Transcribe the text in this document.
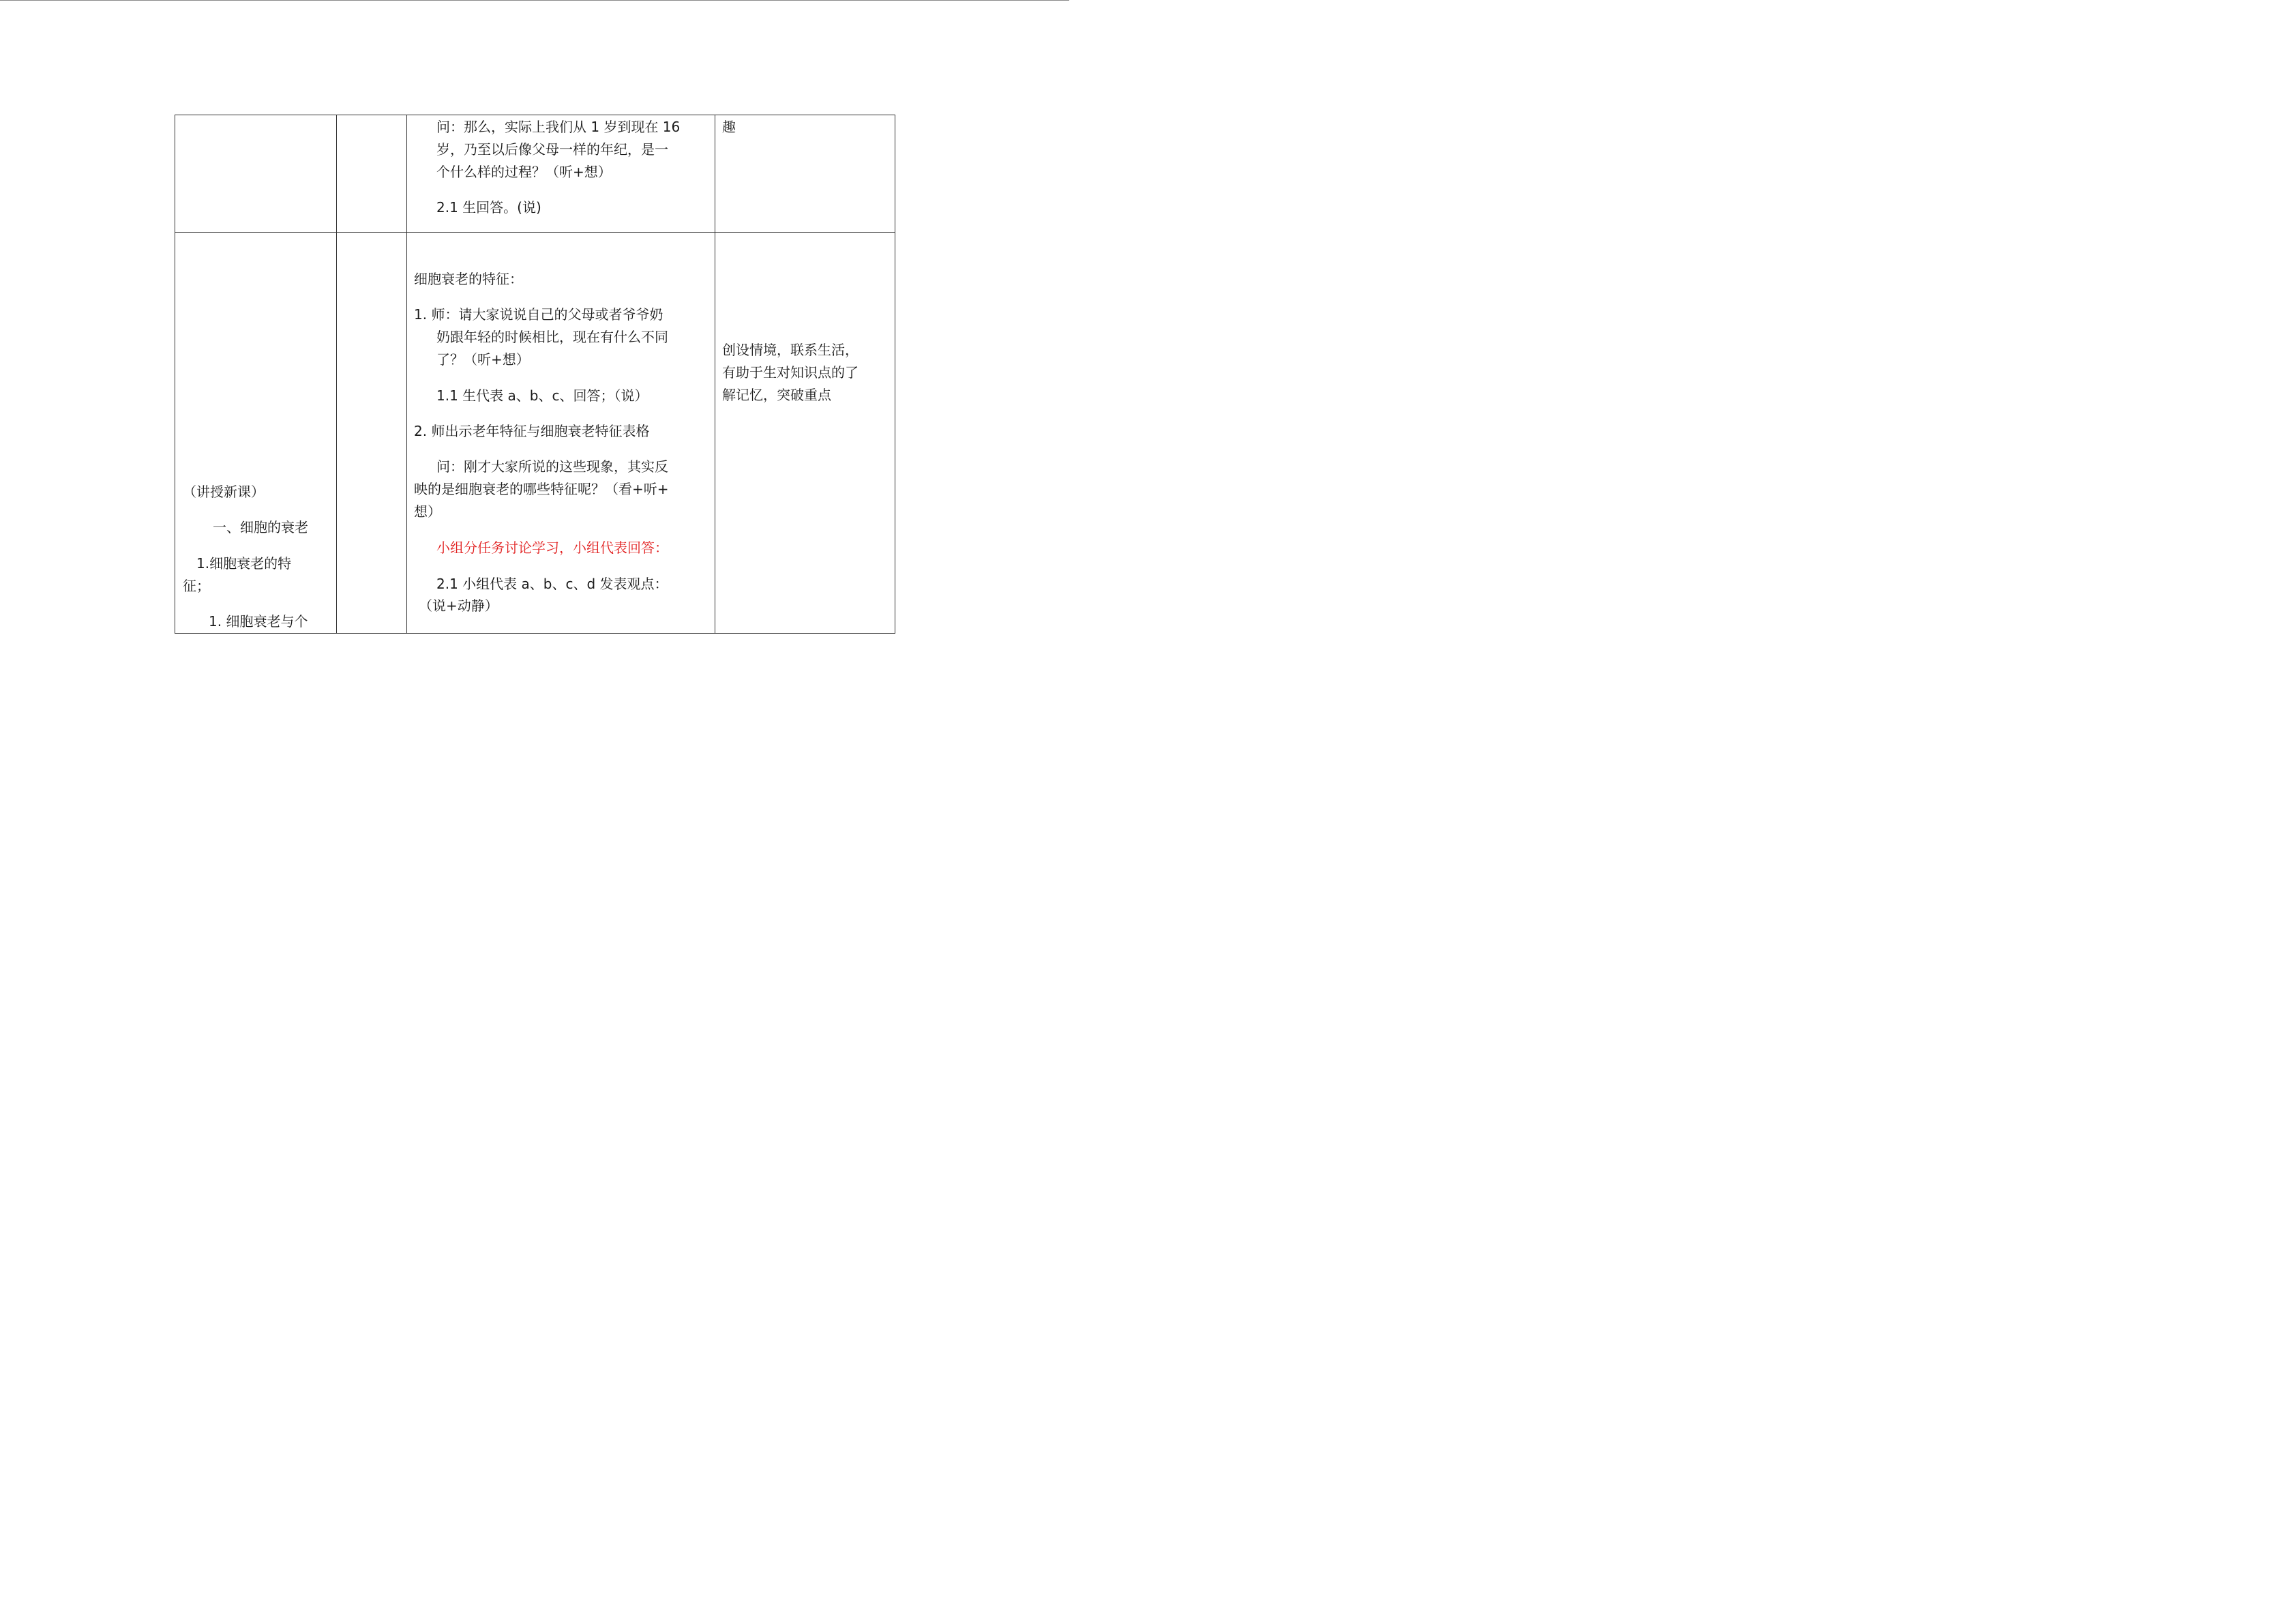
问：那么，实际上我们从 1 岁到现在 16
岁，乃至以后像父母一样的年纪，是一
个什么样的过程？（听+想）
2.1 生回答。(说)
趣
（讲授新课）
一、细胞的衰老
1.细胞衰老的特
征；
1. 细胞衰老与个
细胞衰老的特征：
1. 师：请大家说说自己的父母或者爷爷奶
奶跟年轻的时候相比，现在有什么不同
了？（听+想）
1.1 生代表 a、b、c、回答；（说）
2. 师出示老年特征与细胞衰老特征表格
问：刚才大家所说的这些现象，其实反
映的是细胞衰老的哪些特征呢？（看+听+
想）
小组分任务讨论学习，小组代表回答：
2.1 小组代表 a、b、c、d 发表观点：
（说+动静）
创设情境，联系生活，
有助于生对知识点的了
解记忆，突破重点
